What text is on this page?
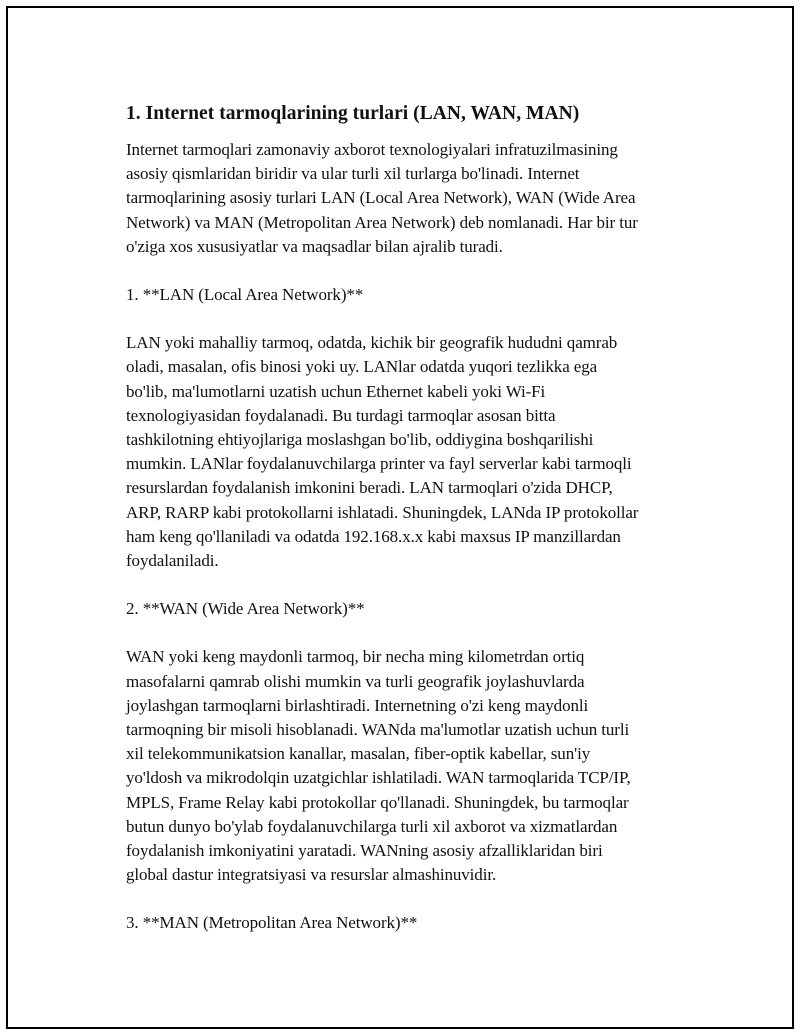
1. Internet tarmoqlarining turlari (LAN, WAN, MAN)
Internet tarmoqlari zamonaviy axborot texnologiyalari infratuzilmasining
asosiy qismlaridan biridir va ular turli xil turlarga bo'linadi. Internet
tarmoqlarining asosiy turlari LAN (Local Area Network), WAN (Wide Area
Network) va MAN (Metropolitan Area Network) deb nomlanadi. Har bir tur
o'ziga xos xususiyatlar va maqsadlar bilan ajralib turadi.
1. **LAN (Local Area Network)**
LAN yoki mahalliy tarmoq, odatda, kichik bir geografik hududni qamrab
oladi, masalan, ofis binosi yoki uy. LANlar odatda yuqori tezlikka ega
bo'lib, ma'lumotlarni uzatish uchun Ethernet kabeli yoki Wi-Fi
texnologiyasidan foydalanadi. Bu turdagi tarmoqlar asosan bitta
tashkilotning ehtiyojlariga moslashgan bo'lib, oddiygina boshqarilishi
mumkin. LANlar foydalanuvchilarga printer va fayl serverlar kabi tarmoqli
resurslardan foydalanish imkonini beradi. LAN tarmoqlari o'zida DHCP,
ARP, RARP kabi protokollarni ishlatadi. Shuningdek, LANda IP protokollar
ham keng qo'llaniladi va odatda 192.168.x.x kabi maxsus IP manzillardan
foydalaniladi.
2. **WAN (Wide Area Network)**
WAN yoki keng maydonli tarmoq, bir necha ming kilometrdan ortiq
masofalarni qamrab olishi mumkin va turli geografik joylashuvlarda
joylashgan tarmoqlarni birlashtiradi. Internetning o'zi keng maydonli
tarmoqning bir misoli hisoblanadi. WANda ma'lumotlar uzatish uchun turli
xil telekommunikatsion kanallar, masalan, fiber-optik kabellar, sun'iy
yo'ldosh va mikrodolqin uzatgichlar ishlatiladi. WAN tarmoqlarida TCP/IP,
MPLS, Frame Relay kabi protokollar qo'llanadi. Shuningdek, bu tarmoqlar
butun dunyo bo'ylab foydalanuvchilarga turli xil axborot va xizmatlardan
foydalanish imkoniyatini yaratadi. WANning asosiy afzalliklaridan biri
global dastur integratsiyasi va resurslar almashinuvidir.
3. **MAN (Metropolitan Area Network)**
